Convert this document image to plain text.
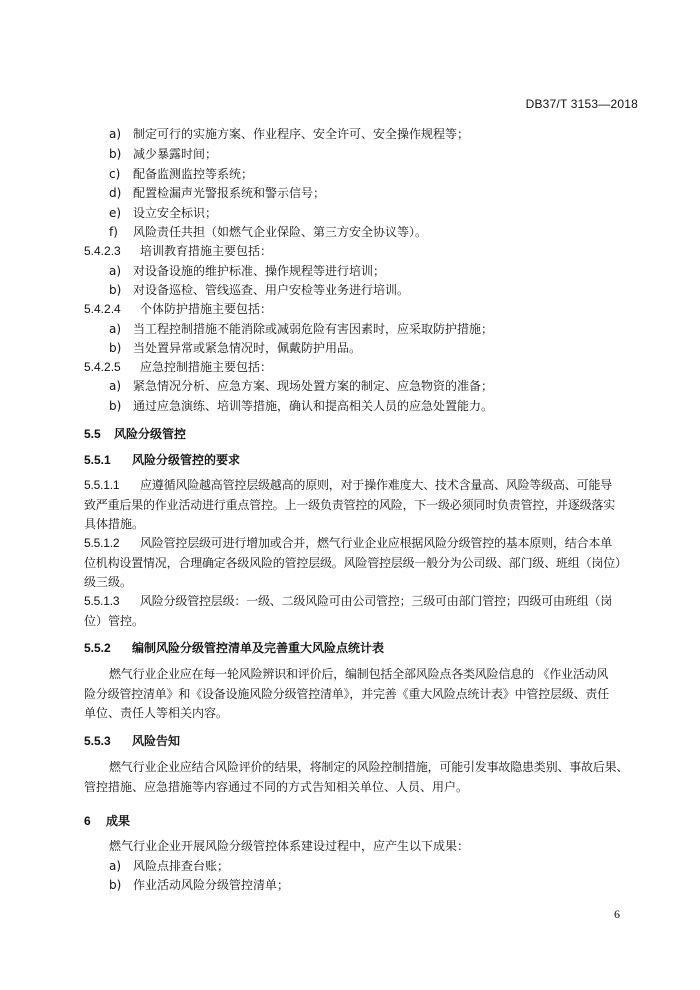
DB37/T 3153—2018
a) 制定可行的实施方案、作业程序、安全许可、安全操作规程等；
b) 减少暴露时间；
c) 配备监测监控等系统；
d) 配置检漏声光警报系统和警示信号；
e) 设立安全标识；
f) 风险责任共担（如燃气企业保险、第三方安全协议等）。
5.4.2.3 培训教育措施主要包括：
a) 对设备设施的维护标准、操作规程等进行培训；
b) 对设备巡检、管线巡查、用户安检等业务进行培训。
5.4.2.4 个体防护措施主要包括：
a) 当工程控制措施不能消除或减弱危险有害因素时，应采取防护措施；
b) 当处置异常或紧急情况时，佩戴防护用品。
5.4.2.5 应急控制措施主要包括：
a) 紧急情况分析、应急方案、现场处置方案的制定、应急物资的准备；
b) 通过应急演练、培训等措施，确认和提高相关人员的应急处置能力。
5.5 风险分级管控
5.5.1 风险分级管控的要求
5.5.1.1 应遵循风险越高管控层级越高的原则，对于操作难度大、技术含量高、风险等级高、可能导
致严重后果的作业活动进行重点管控。上一级负责管控的风险，下一级必须同时负责管控，并逐级落实
具体措施。
5.5.1.2 风险管控层级可进行增加或合并，燃气行业企业应根据风险分级管控的基本原则，结合本单
位机构设置情况，合理确定各级风险的管控层级。风险管控层级一般分为公司级、部门级、班组（岗位）
级三级。
5.5.1.3 风险分级管控层级：一级、二级风险可由公司管控；三级可由部门管控；四级可由班组（岗
位）管控。
5.5.2 编制风险分级管控清单及完善重大风险点统计表
燃气行业企业应在每一轮风险辨识和评价后，编制包括全部风险点各类风险信息的 《作业活动风
险分级管控清单》和《设备设施风险分级管控清单》，并完善《重大风险点统计表》中管控层级、责任
单位、责任人等相关内容。
5.5.3 风险告知
燃气行业企业应结合风险评价的结果，将制定的风险控制措施，可能引发事故隐患类别、事故后果、
管控措施、应急措施等内容通过不同的方式告知相关单位、人员、用户。
6 成果
燃气行业企业开展风险分级管控体系建设过程中，应产生以下成果：
a) 风险点排查台账；
b) 作业活动风险分级管控清单；
6
